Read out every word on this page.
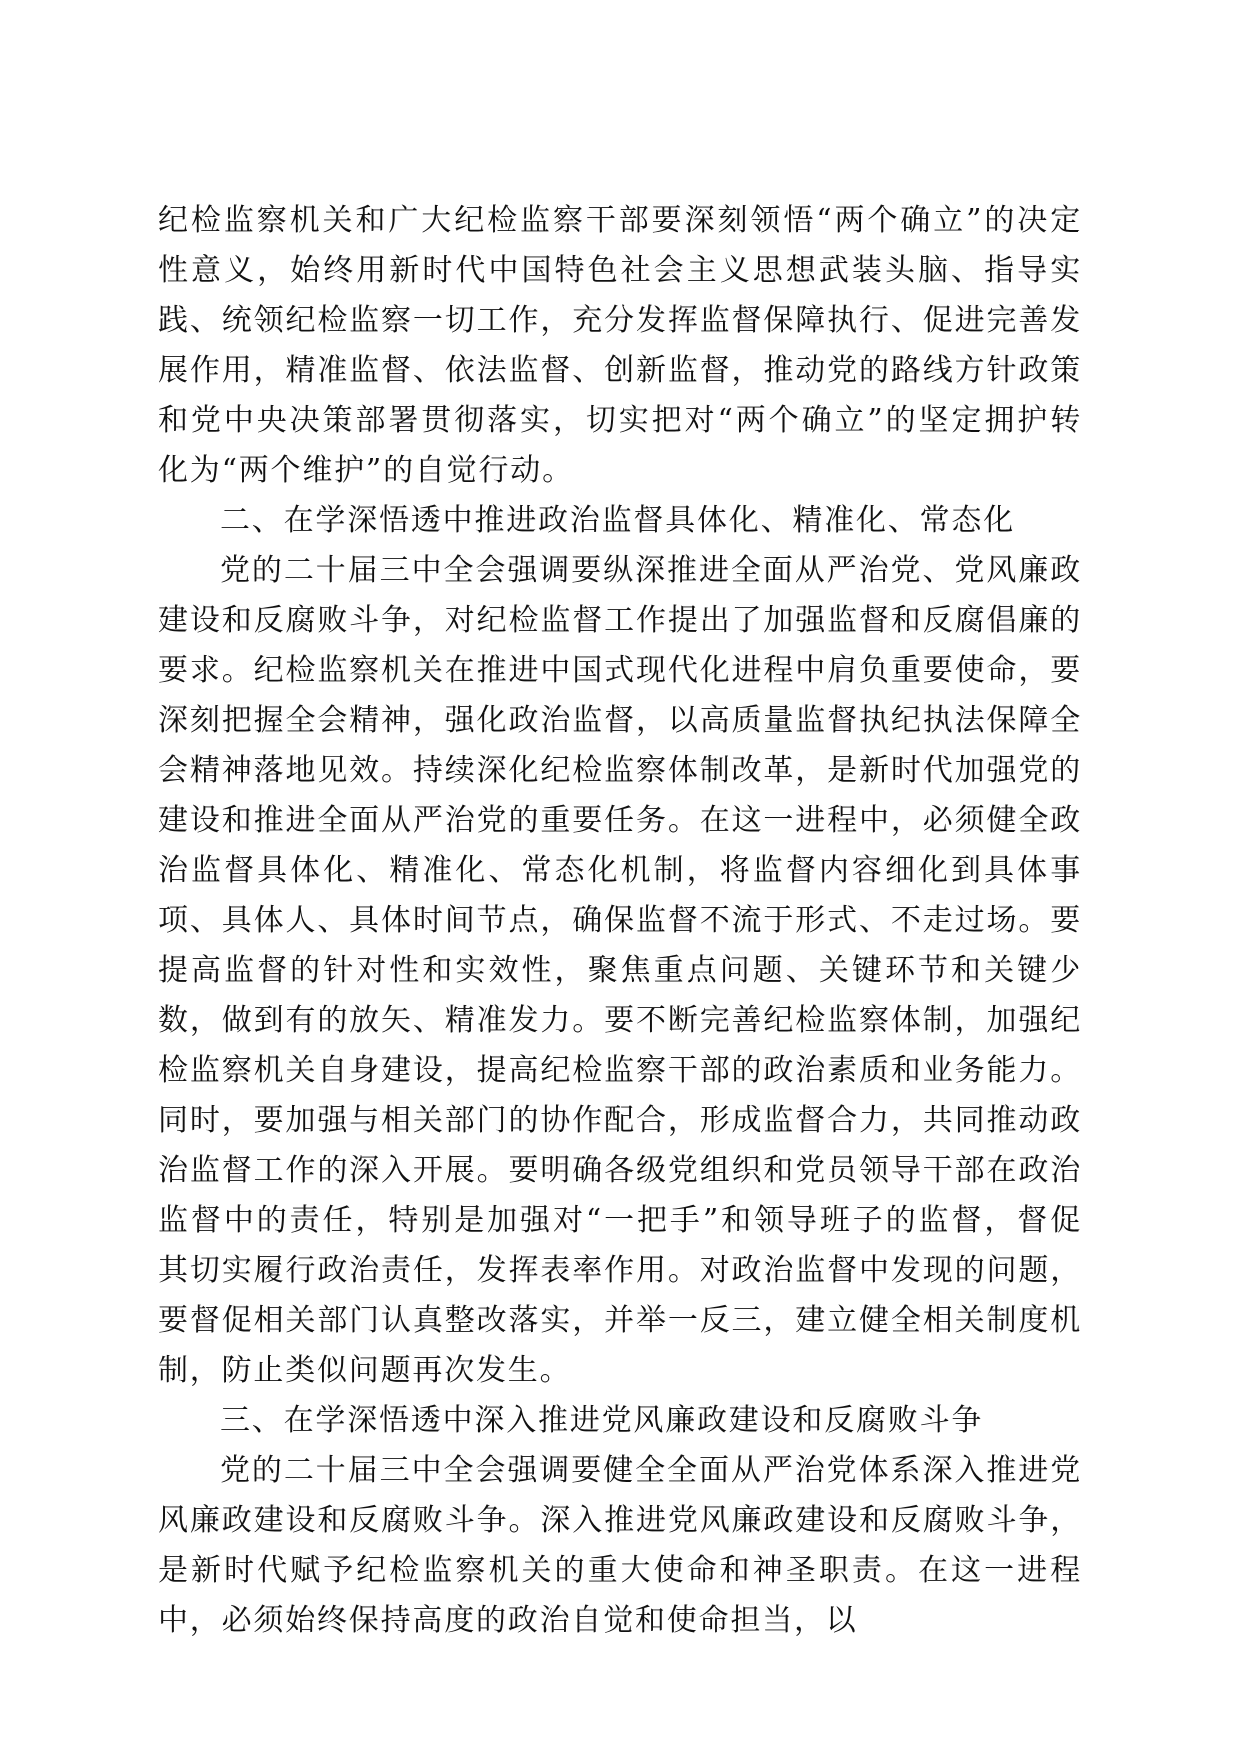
纪检监察机关和广大纪检监察干部要深刻领悟“两个确立”的决定性意义，始终用新时代中国特色社会主义思想武装头脑、指导实践、统领纪检监察一切工作，充分发挥监督保障执行、促进完善发展作用，精准监督、依法监督、创新监督，推动党的路线方针政策和党中央决策部署贯彻落实，切实把对“两个确立”的坚定拥护转化为“两个维护”的自觉行动。

二、在学深悟透中推进政治监督具体化、精准化、常态化

党的二十届三中全会强调要纵深推进全面从严治党、党风廉政建设和反腐败斗争，对纪检监督工作提出了加强监督和反腐倡廉的要求。纪检监察机关在推进中国式现代化进程中肩负重要使命，要深刻把握全会精神，强化政治监督，以高质量监督执纪执法保障全会精神落地见效。持续深化纪检监察体制改革，是新时代加强党的建设和推进全面从严治党的重要任务。在这一进程中，必须健全政治监督具体化、精准化、常态化机制，将监督内容细化到具体事项、具体人、具体时间节点，确保监督不流于形式、不走过场。要提高监督的针对性和实效性，聚焦重点问题、关键环节和关键少数，做到有的放矢、精准发力。要不断完善纪检监察体制，加强纪检监察机关自身建设，提高纪检监察干部的政治素质和业务能力。同时，要加强与相关部门的协作配合，形成监督合力，共同推动政治监督工作的深入开展。要明确各级党组织和党员领导干部在政治监督中的责任，特别是加强对“一把手”和领导班子的监督，督促其切实履行政治责任，发挥表率作用。对政治监督中发现的问题，要督促相关部门认真整改落实，并举一反三，建立健全相关制度机制，防止类似问题再次发生。

三、在学深悟透中深入推进党风廉政建设和反腐败斗争

党的二十届三中全会强调要健全全面从严治党体系深入推进党风廉政建设和反腐败斗争。深入推进党风廉政建设和反腐败斗争，是新时代赋予纪检监察机关的重大使命和神圣职责。在这一进程中，必须始终保持高度的政治自觉和使命担当，以
